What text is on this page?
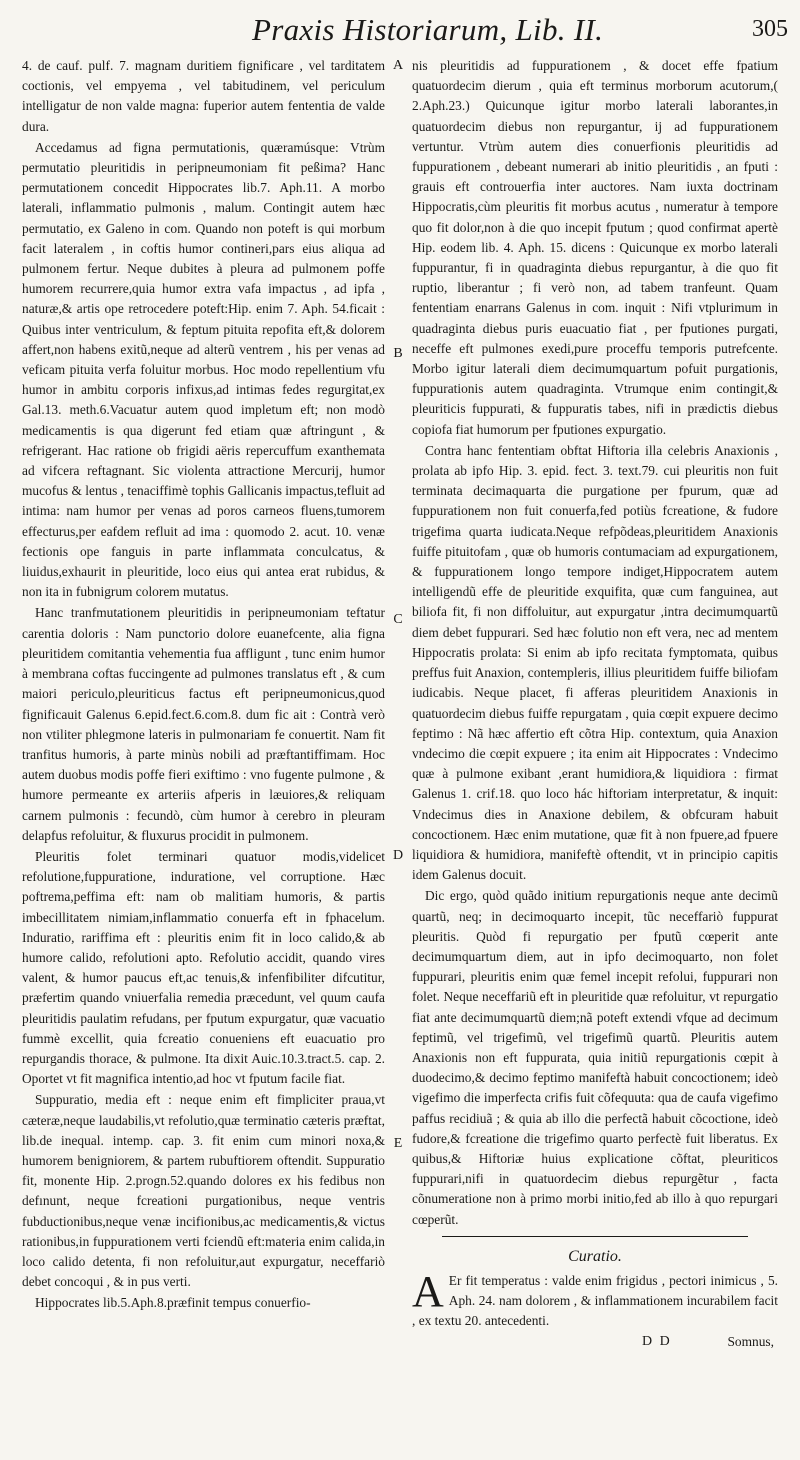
Praxis Historiarum, Lib. II.	305

4. de cauf. pulf. 7. magnam duritiem fignificare , vel tarditatem coctionis, vel empyema , vel tabitudinem, vel periculum intelligatur de non valde magna: fuperior autem fententia de valde dura.

Accedamus ad figna permutationis, quæramúsque: Vtrùm permutatio pleuritidis in peripneumoniam fit peßima? Hanc permutationem concedit Hippocrates lib.7. Aph.11. A morbo laterali, inflammatio pulmonis , malum. Contingit autem hæc permutatio, ex Galeno in com. Quando non poteft is qui morbum facit lateralem , in coftis humor contineri,pars eius aliqua ad pulmonem fertur. Neque dubites à pleura ad pulmonem poffe humorem recurrere,quia humor extra vafa impactus , ad ipfa , naturæ,& artis ope retrocedere poteft:Hip. enim 7. Aph. 54.ficait : Quibus inter ventriculum, & feptum pituita repofita eft,& dolorem affert,non habens exitũ,neque ad alterũ ventrem , his per venas ad veficam pituita verfa foluitur morbus. Hoc modo repellentium vfu humor in ambitu corporis infixus,ad intimas fedes regurgitat,ex Gal.13. meth.6.Vacuatur autem quod impletum eft; non modò medicamentis is qua digerunt fed etiam quæ aftringunt , & refrigerant. Hac ratione ob frigidi aëris repercuffum exanthemata ad vifcera reftagnant. Sic violenta attractione Mercurij, humor mucofus & lentus , tenaciffimè tophis Gallicanis impactus,tefluit ad intima: nam humor per venas ad poros carneos fluens,tumorem effecturus,per eafdem refluit ad ima : quomodo 2. acut. 10. venæ fectionis ope fanguis in parte inflammata conculcatus, & liuidus,exhaurit in pleuritide, loco eius qui antea erat rubidus, & non ita in fubnigrum colorem mutatus.

Hanc tranfmutationem pleuritidis in peripneumoniam teftatur carentia doloris : Nam punctorio dolore euanefcente, alia figna pleuritidem comitantia vehementia fua affligunt , tunc enim humor à membrana coftas fuccingente ad pulmones translatus eft , & cum maiori periculo,pleuriticus factus eft peripneumonicus,quod fignificauit Galenus 6.epid.fect.6.com.8. dum fic ait : Contrà verò non vtiliter phlegmone lateris in pulmonariam fe conuertit. Nam fit tranfitus humoris, à parte minùs nobili ad præftantiffimam. Hoc autem duobus modis poffe fieri exiftimo : vno fugente pulmone , & humore permeante ex arteriis afperis in læuiores,& reliquam carnem pulmonis : fecundò, cùm humor à cerebro in pleuram delapfus refoluitur, & fluxurus procidit in pulmonem.

Pleuritis folet terminari quatuor modis,videlicet refolutione,fuppuratione, induratione, vel corruptione. Hæc poftrema,peffima eft: nam ob malitiam humoris, & partis imbecillitatem nimiam,inflammatio conuerfa eft in fphacelum. Induratio, rariffima eft : pleuritis enim fit in loco calido,& ab humore calido, refolutioni apto. Refolutio accidit, quando vires valent, & humor paucus eft,ac tenuis,& infenfibiliter difcutitur, præfertim quando vniuerfalia remedia præcedunt, vel quum caufa pleuritidis paulatim refudans, per fputum expurgatur, quæ vacuatio fummè excellit, quia fcreatio conueniens eft euacuatio pro repurgandis thorace, & pulmone. Ita dixit Auic.10.3.tract.5. cap. 2. Oportet vt fit magnifica intentio,ad hoc vt fputum facile fiat.

Suppuratio, media eft : neque enim eft fimpliciter praua,vt cæteræ,neque laudabilis,vt refolutio,quæ terminatio cæteris præftat, lib.de inequal. intemp. cap. 3. fit enim cum minori noxa,& humorem benigniorem, & partem rubuftiorem oftendit. Suppuratio fit, monente Hip. 2.progn.52.quando dolores ex his fedibus non defınunt, neque fcreationi purgationibus, neque ventris fubductionibus,neque venæ incifionibus,ac medicamentis,& victus rationibus,in fuppurationem verti fciendũ eft:materia enim calida,in loco calido detenta, fi non refoluitur,aut expurgatur, neceffariò debet concoqui , & in pus verti.

Hippocrates lib.5.Aph.8.præfinit tempus conuerfio-

A
B
C
D
E

nis pleuritidis ad fuppurationem , & docet effe fpatium quatuordecim dierum , quia eft terminus morborum acutorum,( 2.Aph.23.) Quicunque igitur morbo laterali laborantes,in quatuordecim diebus non repurgantur, ij ad fuppurationem vertuntur. Vtrùm autem dies conuerfionis pleuritidis ad fuppurationem , debeant numerari ab initio pleuritidis , an fputi : grauis eft controuerfia inter auctores. Nam iuxta doctrinam Hippocratis,cùm pleuritis fit morbus acutus , numeratur à tempore quo fit dolor,non à die quo incepit fputum ; quod confirmat apertè Hip. eodem lib. 4. Aph. 15. dicens : Quicunque ex morbo laterali fuppurantur, fi in quadraginta diebus repurgantur, à die quo fit ruptio, liberantur ; fi verò non, ad tabem tranfeunt. Quam fententiam enarrans Galenus in com. inquit : Nifi vtplurimum in quadraginta diebus puris euacuatio fiat , per fputiones purgati, neceffe eft pulmones exedi,pure proceffu temporis putrefcente. Morbo igitur laterali diem decimumquartum pofuit purgationis, fuppurationis autem quadraginta. Vtrumque enim contingit,& pleuriticis fuppurati, & fuppuratis tabes, nifi in prædictis diebus copiofa fiat humorum per fputiones expurgatio.

Contra hanc fententiam obftat Hiftoria illa celebris Anaxionis , prolata ab ipfo Hip. 3. epid. fect. 3. text.79. cui pleuritis non fuit terminata decimaquarta die purgatione per fpurum, quæ ad fuppurationem non fuit conuerfa,fed potiùs fcreatione, & fudore trigefima quarta iudicata.Neque refpõdeas,pleuritidem Anaxionis fuiffe pituitofam , quæ ob humoris contumaciam ad expurgationem, & fuppurationem longo tempore indiget,Hippocratem autem intelligendũ effe de pleuritide exquifita, quæ cum fanguinea, aut biliofa fit, fi non diffoluitur, aut expurgatur ,intra decimumquartũ diem debet fuppurari. Sed hæc folutio non eft vera, nec ad mentem Hippocratis prolata: Si enim ab ipfo recitata fymptomata, quibus preffus fuit Anaxion, contempleris, illius pleuritidem fuiffe biliofam iudicabis. Neque placet, fi afferas pleuritidem Anaxionis in quatuordecim diebus fuiffe repurgatam , quia cœpit expuere decimo feptimo : Nã hæc affertio eft cõtra Hip. contextum, quia Anaxion vndecimo die cœpit expuere ; ita enim ait Hippocrates : Vndecimo quæ à pulmone exibant ,erant humidiora,& liquidiora : firmat Galenus 1. crif.18. quo loco hác hiftoriam interpretatur, & inquit: Vndecimus dies in Anaxione debilem, & obfcuram habuit concoctionem. Hæc enim mutatione, quæ fit à non fpuere,ad fpuere liquidiora & humidiora, manifeftè oftendit, vt in principio capitis idem Galenus docuit.

Dic ergo, quòd quãdo initium repurgationis neque ante decimũ quartũ, neq; in decimoquarto incepit, tũc neceffariò fuppurat pleuritis. Quòd fi repurgatio per fputũ cœperit ante decimumquartum diem, aut in ipfo decimoquarto, non folet fuppurari, pleuritis enim quæ femel incepit refolui, fuppurari non folet. Neque neceffariũ eft in pleuritide quæ refoluitur, vt repurgatio fiat ante decimumquartũ diem;nã poteft extendi vfque ad decimum feptimũ, vel trigefimũ, vel trigefimũ quartũ. Pleuritis autem Anaxionis non eft fuppurata, quia initiũ repurgationis cœpit à duodecimo,& decimo feptimo manifeftà habuit concoctionem; ideò vigefimo die imperfecta crifis fuit cõfequuta: qua de caufa vigefimo paffus recidiuã ; & quia ab illo die perfectã habuit cõcoctione, ideò fudore,& fcreatione die trigefimo quarto perfectè fuit liberatus. Ex quibus,& Hiftoriæ huius explicatione cõftat, pleuriticos fuppurari,nifi in quatuordecim diebus repurgẽtur , facta cõnumeratione non à primo morbi initio,fed ab illo à quo repurgari cœperũt.

Curatio.

A Er fit temperatus : valde enim frigidus , pectori inimicus , 5. Aph. 24. nam dolorem , & inflammationem incurabilem facit , ex textu 20. antecedenti.

D D	Somnus,
